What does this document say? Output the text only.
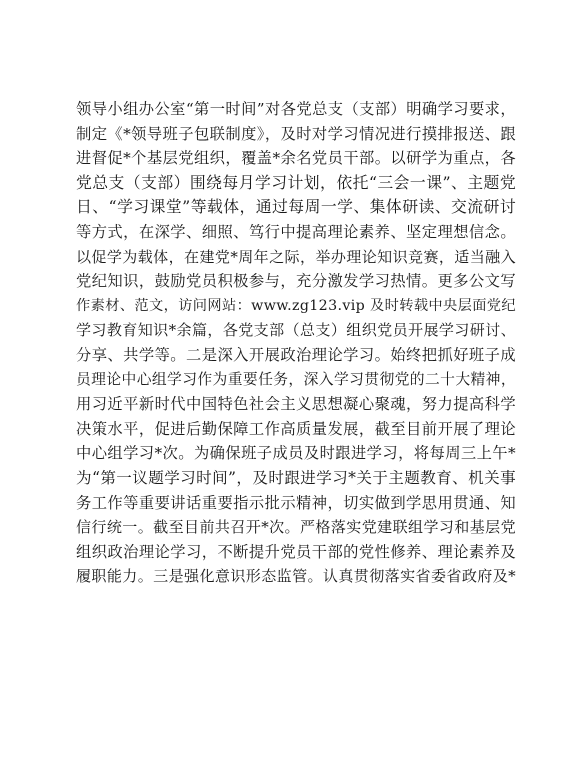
领导小组办公室“第一时间”对各党总支（支部）明确学习要求，
制定《*领导班子包联制度》，及时对学习情况进行摸排报送、跟
进督促*个基层党组织，覆盖*余名党员干部。以研学为重点，各
党总支（支部）围绕每月学习计划，依托“三会一课”、主题党
日、“学习课堂”等载体，通过每周一学、集体研读、交流研讨
等方式，在深学、细照、笃行中提高理论素养、坚定理想信念。
以促学为载体，在建党*周年之际，举办理论知识竞赛，适当融入
党纪知识，鼓励党员积极参与，充分激发学习热情。更多公文写
作素材、范文，访问网站：www.zg123.vip 及时转载中央层面党纪
学习教育知识*余篇，各党支部（总支）组织党员开展学习研讨、
分享、共学等。二是深入开展政治理论学习。始终把抓好班子成
员理论中心组学习作为重要任务，深入学习贯彻党的二十大精神，
用习近平新时代中国特色社会主义思想凝心聚魂，努力提高科学
决策水平，促进后勤保障工作高质量发展，截至目前开展了理论
中心组学习*次。为确保班子成员及时跟进学习，将每周三上午*
为“第一议题学习时间”，及时跟进学习*关于主题教育、机关事
务工作等重要讲话重要指示批示精神，切实做到学思用贯通、知
信行统一。截至目前共召开*次。严格落实党建联组学习和基层党
组织政治理论学习，不断提升党员干部的党性修养、理论素养及
履职能力。三是强化意识形态监管。认真贯彻落实省委省政府及*
